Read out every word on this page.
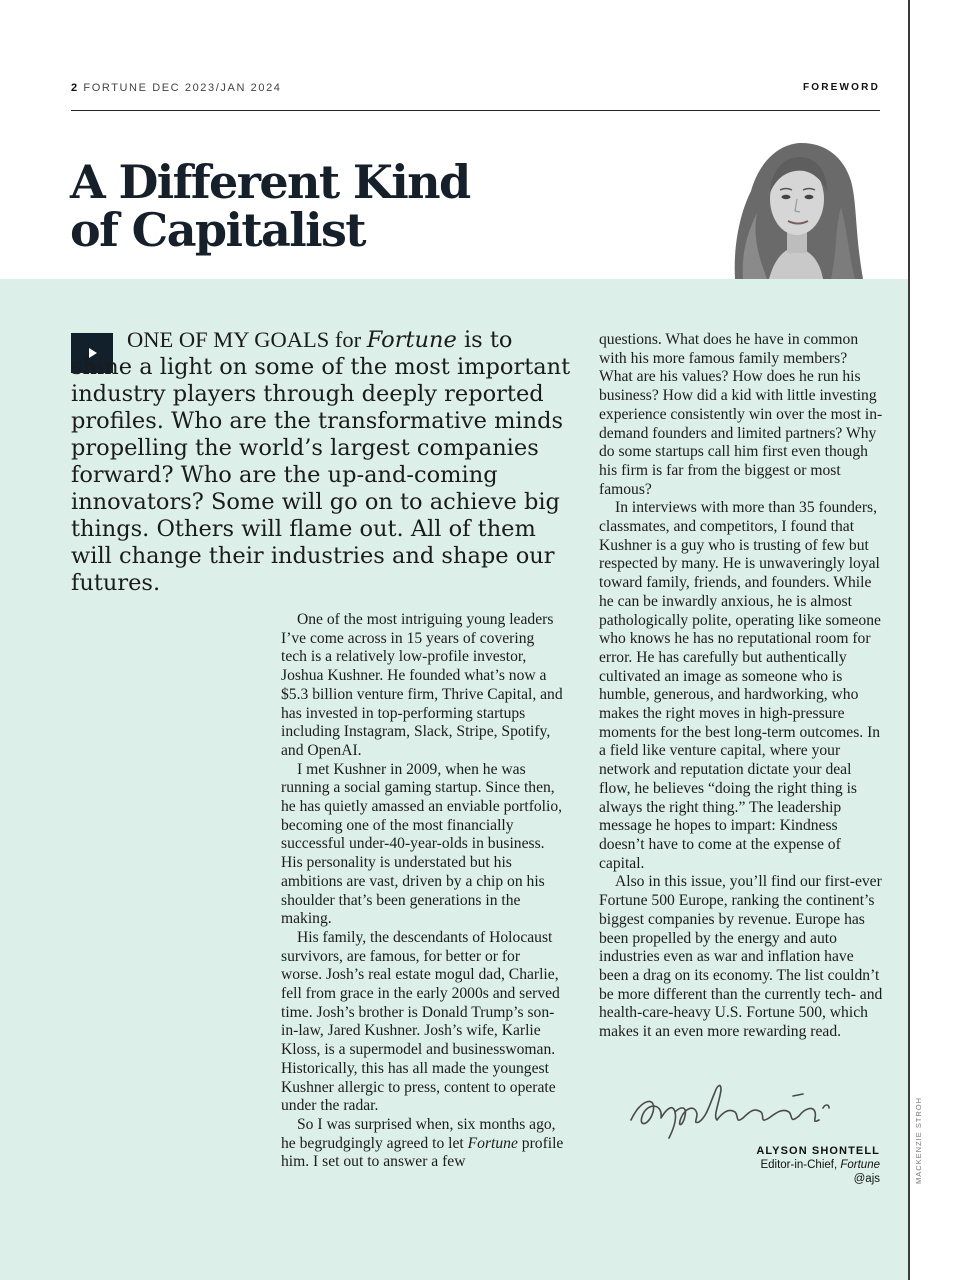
2 FORTUNE DEC 2023/JAN 2024	FOREWORD
A Different Kind
of Capitalist

ONE OF MY GOALS for Fortune is to shine a light on some of the most important industry players through deeply reported profiles. Who are the transformative minds propelling the world’s largest companies forward? Who are the up-and-coming innovators? Some will go on to achieve big things. Others will flame out. All of them will change their industries and shape our futures.

One of the most intriguing young leaders I’ve come across in 15 years of covering tech is a relatively low-profile investor, Joshua Kushner. He founded what’s now a $5.3 billion venture firm, Thrive Capital, and has invested in top-performing startups including Instagram, Slack, Stripe, Spotify, and OpenAI.

I met Kushner in 2009, when he was running a social gaming startup. Since then, he has quietly amassed an enviable portfolio, becoming one of the most financially successful under-40-year-olds in business. His personality is understated but his ambitions are vast, driven by a chip on his shoulder that’s been generations in the making.

His family, the descendants of Holocaust survivors, are famous, for better or for worse. Josh’s real estate mogul dad, Charlie, fell from grace in the early 2000s and served time. Josh’s brother is Donald Trump’s son-in-law, Jared Kushner. Josh’s wife, Karlie Kloss, is a supermodel and businesswoman. Historically, this has all made the youngest Kushner allergic to press, content to operate under the radar.

So I was surprised when, six months ago, he begrudgingly agreed to let Fortune profile him. I set out to answer a few

questions. What does he have in common with his more famous family members? What are his values? How does he run his business? How did a kid with little investing experience consistently win over the most in-demand founders and limited partners? Why do some startups call him first even though his firm is far from the biggest or most famous?

In interviews with more than 35 founders, classmates, and competitors, I found that Kushner is a guy who is trusting of few but respected by many. He is unwaveringly loyal toward family, friends, and founders. While he can be inwardly anxious, he is almost pathologically polite, operating like someone who knows he has no reputational room for error. He has carefully but authentically cultivated an image as someone who is humble, generous, and hardworking, who makes the right moves in high-pressure moments for the best long-term outcomes. In a field like venture capital, where your network and reputation dictate your deal flow, he believes “doing the right thing is always the right thing.” The leadership message he hopes to impart: Kindness doesn’t have to come at the expense of capital.

Also in this issue, you’ll find our first-ever Fortune 500 Europe, ranking the continent’s biggest companies by revenue. Europe has been propelled by the energy and auto industries even as war and inflation have been a drag on its economy. The list couldn’t be more different than the currently tech- and health-care-heavy U.S. Fortune 500, which makes it an even more rewarding read.

ALYSON SHONTELL
Editor-in-Chief, Fortune
@ajs	MACKENZIE STROH
